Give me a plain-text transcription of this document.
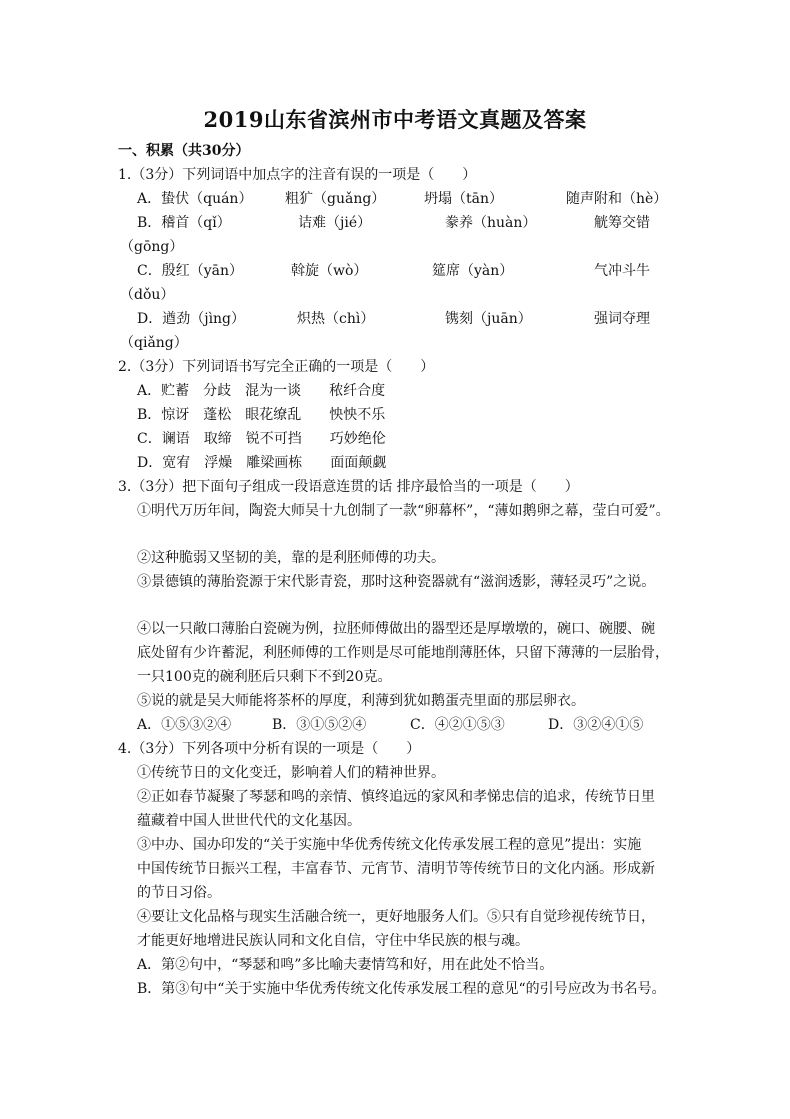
2019山东省滨州市中考语文真题及答案
一、积累（共30分）
1.（3分）下列词语中加点字的注音有误的一项是（　　）
A．蛰伏（quán） 粗犷（guǎng）	坍塌（tān）	随声附和（hè）
B．稽首（qǐ）	诘难（jié）	豢养（huàn）	觥筹交错
（gōng）
C．殷红（yān）	斡旋（wò）	筵席（yàn）	气冲斗牛
（dǒu）
D．遒劲（jìng）	炽热（chì）	镌刻（juān）	强词夺理
（qiǎng）
2.（3分）下列词语书写完全正确的一项是（　　）
A．贮蓄　分歧　混为一谈　　秾纤合度
B．惊讶　蓬松　眼花缭乱　　怏怏不乐
C．谰语　取缔　锐不可挡　　巧妙绝伦
D．宽宥　浮燥　雕梁画栋　　面面颠觑
3.（3分）把下面句子组成一段语意连贯的话 排序最恰当的一项是（　　）
①明代万历年间，陶瓷大师吴十九创制了一款“卵幕杯”，“薄如鹅卵之幕，莹白可爱”。
②这种脆弱又坚韧的美，靠的是利胚师傅的功夫。
③景德镇的薄胎瓷源于宋代影青瓷，那时这种瓷器就有“滋润透影，薄轻灵巧”之说。
④以一只敞口薄胎白瓷碗为例，拉胚师傅做出的器型还是厚墩墩的，碗口、碗腰、碗
底处留有少许蓄泥，利胚师傅的工作则是尽可能地削薄胚体，只留下薄薄的一层胎骨，
一只100克的碗利胚后只剩下不到20克。
⑤说的就是吴大师能将茶杯的厚度，利薄到犹如鹅蛋壳里面的那层卵衣。
A．①⑤③②④	B．③①⑤②④	C．④②①⑤③	D．③②④①⑤
4.（3分）下列各项中分析有误的一项是（　　）
①传统节日的文化变迁，影响着人们的精神世界。
②正如春节凝聚了琴瑟和鸣的亲情、慎终追远的家风和孝悌忠信的追求，传统节日里
蕴藏着中国人世世代代的文化基因。
③中办、国办印发的“关于实施中华优秀传统文化传承发展工程的意见”提出：实施
中国传统节日振兴工程，丰富春节、元宵节、清明节等传统节日的文化内涵。形成新
的节日习俗。
④要让文化品格与现实生活融合统一，更好地服务人们。⑤只有自觉珍视传统节日，
才能更好地增进民族认同和文化自信，守住中华民族的根与魂。
A．第②句中，“琴瑟和鸣”多比喻夫妻情笃和好，用在此处不恰当。
B．第③句中“关于实施中华优秀传统文化传承发展工程的意见“的引号应改为书名号。
